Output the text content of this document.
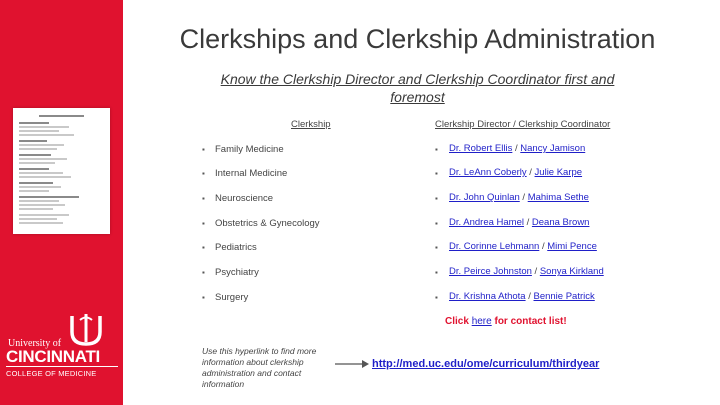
University of
CINCINNATI
COLLEGE OF MEDICINE
Clerkships and Clerkship Administration
Know the Clerkship Director and Clerkship Coordinator first and foremost
Clerkship	Clerkship Director / Clerkship Coordinator
▪ Family Medicine	▪ Dr. Robert Ellis / Nancy Jamison
▪ Internal Medicine	▪ Dr. LeAnn Coberly / Julie Karpe
▪ Neuroscience	▪ Dr. John Quinlan / Mahima Sethe
▪ Obstetrics & Gynecology	▪ Dr. Andrea Hamel / Deana Brown
▪ Pediatrics	▪ Dr. Corinne Lehmann / Mimi Pence
▪ Psychiatry	▪ Dr. Peirce Johnston / Sonya Kirkland
▪ Surgery	▪ Dr. Krishna Athota / Bennie Patrick
Click here for contact list!
Use this hyperlink to find more information about clerkship administration and contact information
http://med.uc.edu/ome/curriculum/thirdyear
